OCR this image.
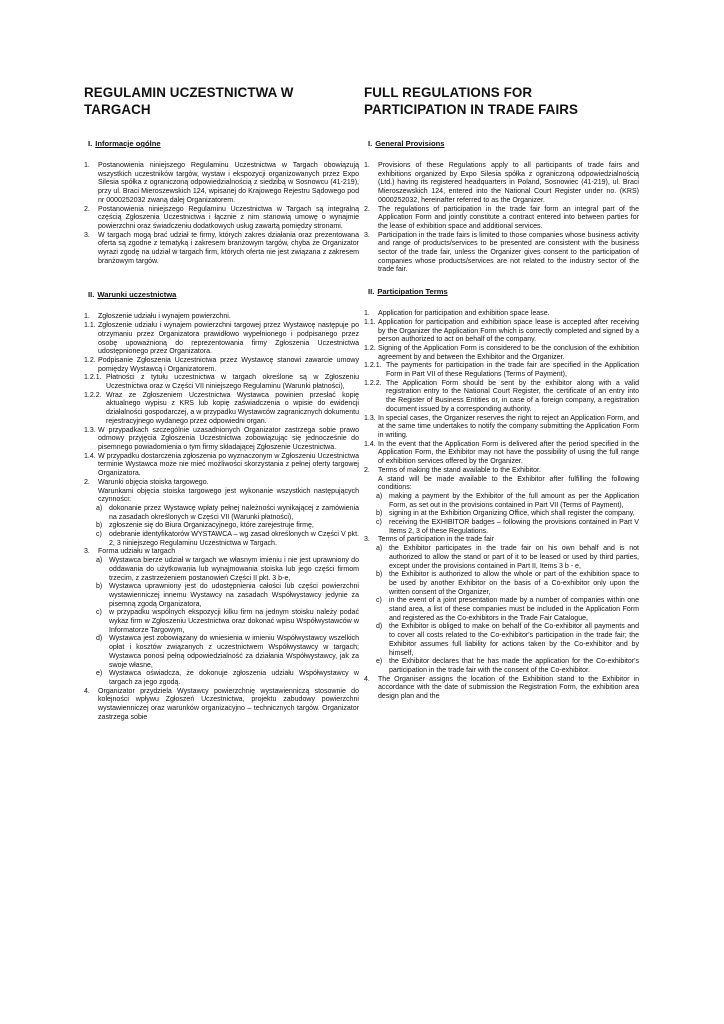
REGULAMIN UCZESTNICTWA W
TARGACH
I. Informacje ogólne
1. Postanowienia niniejszego Regulaminu Uczestnictwa w Targach obowiązują wszystkich uczestników targów, wystaw i ekspozycji organizowanych przez Expo Silesia spółka z ograniczoną odpowiedzialnością z siedzibą w Sosnowcu (41-219), przy ul. Braci Mieroszewskich 124, wpisanej do Krajowego Rejestru Sądowego pod nr 0000252032 zwaną dalej Organizatorem.
2. Postanowienia niniejszego Regulaminu Uczestnictwa w Targach są integralną częścią Zgłoszenia Uczestnictwa i łącznie z nim stanowią umowę o wynajmie powierzchni oraz świadczeniu dodatkowych usług zawartą pomiędzy stronami.
3. W targach mogą brać udział te firmy, których zakres działania oraz prezentowana oferta są zgodne z tematyką i zakresem branżowym targów, chyba że Organizator wyrazi zgodę na udział w targach firm, których oferta nie jest związana z zakresem branżowym targów.
II. Warunki uczestnictwa
1. Zgłoszenie udziału i wynajem powierzchni.
1.1. Zgłoszenie udziału i wynajem powierzchni targowej przez Wystawcę następuje po otrzymaniu przez Organizatora prawidłowo wypełnionego i podpisanego przez osobę upoważnioną do reprezentowania firmy Zgłoszenia Uczestnictwa udostępnionego przez Organizatora.
1.2. Podpisanie Zgłoszenia Uczestnictwa przez Wystawcę stanowi zawarcie umowy pomiędzy Wystawcą i Organizatorem.
1.2.1. Płatności z tytułu uczestnictwa w targach określone są w Zgłoszeniu Uczestnictwa oraz w Części VII niniejszego Regulaminu (Warunki płatności),
1.2.2. Wraz ze Zgłoszeniem Uczestnictwa Wystawca powinien przesłać kopię aktualnego wypisu z KRS lub kopię zaświadczenia o wpisie do ewidencji działalności gospodarczej, a w przypadku Wystawców zagranicznych dokumentu rejestracyjnego wydanego przez odpowiedni organ.
1.3. W przypadkach szczególnie uzasadnionych Organizator zastrzega sobie prawo odmowy przyjęcia Zgłoszenia Uczestnictwa zobowiązując się jednocześnie do pisemnego powiadomienia o tym firmy składającej Zgłoszenie Uczestnictwa.
1.4. W przypadku dostarczenia zgłoszenia po wyznaczonym w Zgłoszeniu Uczestnictwa terminie Wystawca może nie mieć możliwości skorzystania z pełnej oferty targowej Organizatora.
2. Warunki objęcia stoiska targowego.
Warunkami objęcia stoiska targowego jest wykonanie wszystkich następujących czynności:
a) dokonanie przez Wystawcę wpłaty pełnej należności wynikającej z zamówienia na zasadach określonych w Części VII (Warunki płatności),
b) zgłoszenie się do Biura Organizacyjnego, które zarejestruje firmę,
c) odebranie identyfikatorów WYSTAWCA – wg zasad określonych w Części V pkt. 2, 3 niniejszego Regulaminu Uczestnictwa w Targach.
3. Forma udziału w targach
a) Wystawca bierze udział w targach we własnym imieniu i nie jest uprawniony do oddawania do użytkowania lub wynajmowania stoiska lub jego części firmom trzecim, z zastrzeżeniem postanowień Części II pkt. 3 b-e,
b) Wystawca uprawniony jest do udostępnienia całości lub części powierzchni wystawienniczej innemu Wystawcy na zasadach Współwystawcy jedynie za pisemną zgodą Organizatora,
c) w przypadku wspólnych ekspozycji kilku firm na jednym stoisku należy podać wykaz firm w Zgłoszeniu Uczestnictwa oraz dokonać wpisu Współwystawców w Informatorze Targowym,
d) Wystawca jest zobowiązany do wniesienia w imieniu Współwystawcy wszelkich opłat i kosztów związanych z uczestnictwem Współwystawcy w targach; Wystawca ponosi pełną odpowiedzialność za działania Współwystawcy, jak za swoje własne,
e) Wystawca oświadcza, że dokonuje zgłoszenia udziału Współwystawcy w targach za jego zgodą.
4. Organizator przydziela Wystawcy powierzchnię wystawienniczą stosownie do kolejności wpływu Zgłoszeń Uczestnictwa, projektu zabudowy powierzchni wystawienniczej oraz warunków organizacyjno – technicznych targów. Organizator zastrzega sobie
FULL REGULATIONS FOR
PARTICIPATION IN TRADE FAIRS
I. General Provisions
1. Provisions of these Regulations apply to all participants of trade fairs and exhibitions organized by Expo Silesia spółka z ograniczoną odpowiedzialnością (Ltd.) having its registered headquarters in Poland, Sosnowiec (41-219), ul. Braci Mieroszewskich 124, entered into the National Court Register under no. (KRS) 0000252032, hereinafter referred to as the Organizer.
2. The regulations of participation in the trade fair form an integral part of the Application Form and jointly constitute a contract entered into between parties for the lease of exhibition space and additional services.
3. Participation in the trade fairs is limited to those companies whose business activity and range of products/services to be presented are consistent with the business sector of the trade fair, unless the Organizer gives consent to the participation of companies whose products/services are not related to the industry sector of the trade fair.
II. Participation Terms
1. Application for participation and exhibition space lease.
1.1. Application for participation and exhibition space lease is accepted after receiving by the Organizer the Application Form which is correctly completed and signed by a person authorized to act on behalf of the company.
1.2. Signing of the Application Form is considered to be the conclusion of the exhibition agreement by and between the Exhibitor and the Organizer.
1.2.1. The payments for participation in the trade fair are specified in the Application Form in Part VII of these Regulations (Terms of Payment),
1.2.2. The Application Form should be sent by the exhibitor along with a valid registration entry to the National Court Register, the certificate of an entry into the Register of Business Entities or, in case of a foreign company, a registration document issued by a corresponding authority.
1.3. In special cases, the Organizer reserves the right to reject an Application Form, and at the same time undertakes to notify the company submitting the Application Form in writing.
1.4. In the event that the Application Form is delivered after the period specified in the Application Form, the Exhibitor may not have the possibility of using the full range of exhibition services offered by the Organizer.
2. Terms of making the stand available to the Exhibitor.
A stand will be made available to the Exhibitor after fulfilling the following conditions:
a) making a payment by the Exhibitor of the full amount as per the Application Form, as set out in the provisions contained in Part VII (Terms of Payment),
b) signing in at the Exhibition Organizing Office, which shall register the company,
c) receiving the EXHIBITOR badges – following the provisions contained in Part V Items 2, 3 of these Regulations.
3. Terms of participation in the trade fair
a) the Exhibitor participates in the trade fair on his own behalf and is not authorized to allow the stand or part of it to be leased or used by third parties, except under the provisions contained in Part II, Items 3 b - e,
b) the Exhibitor is authorized to allow the whole or part of the exhibition space to be used by another Exhibitor on the basis of a Co-exhibitor only upon the written consent of the Organizer,
c) in the event of a joint presentation made by a number of companies within one stand area, a list of these companies must be included in the Application Form and registered as the Co-exhibitors in the Trade Fair Catalogue,
d) the Exhibitor is obliged to make on behalf of the Co-exhibitor all payments and to cover all costs related to the Co-exhibitor's participation in the trade fair; the Exhibitor assumes full liability for actions taken by the Co-exhibitor and by himself,
e) the Exhibitor declares that he has made the application for the Co-exhibitor's participation in the trade fair with the consent of the Co-exhibitor.
4. The Organiser assigns the location of the Exhibition stand to the Exhibitor in accordance with the date of submission the Registration Form, the exhibition area design plan and the
